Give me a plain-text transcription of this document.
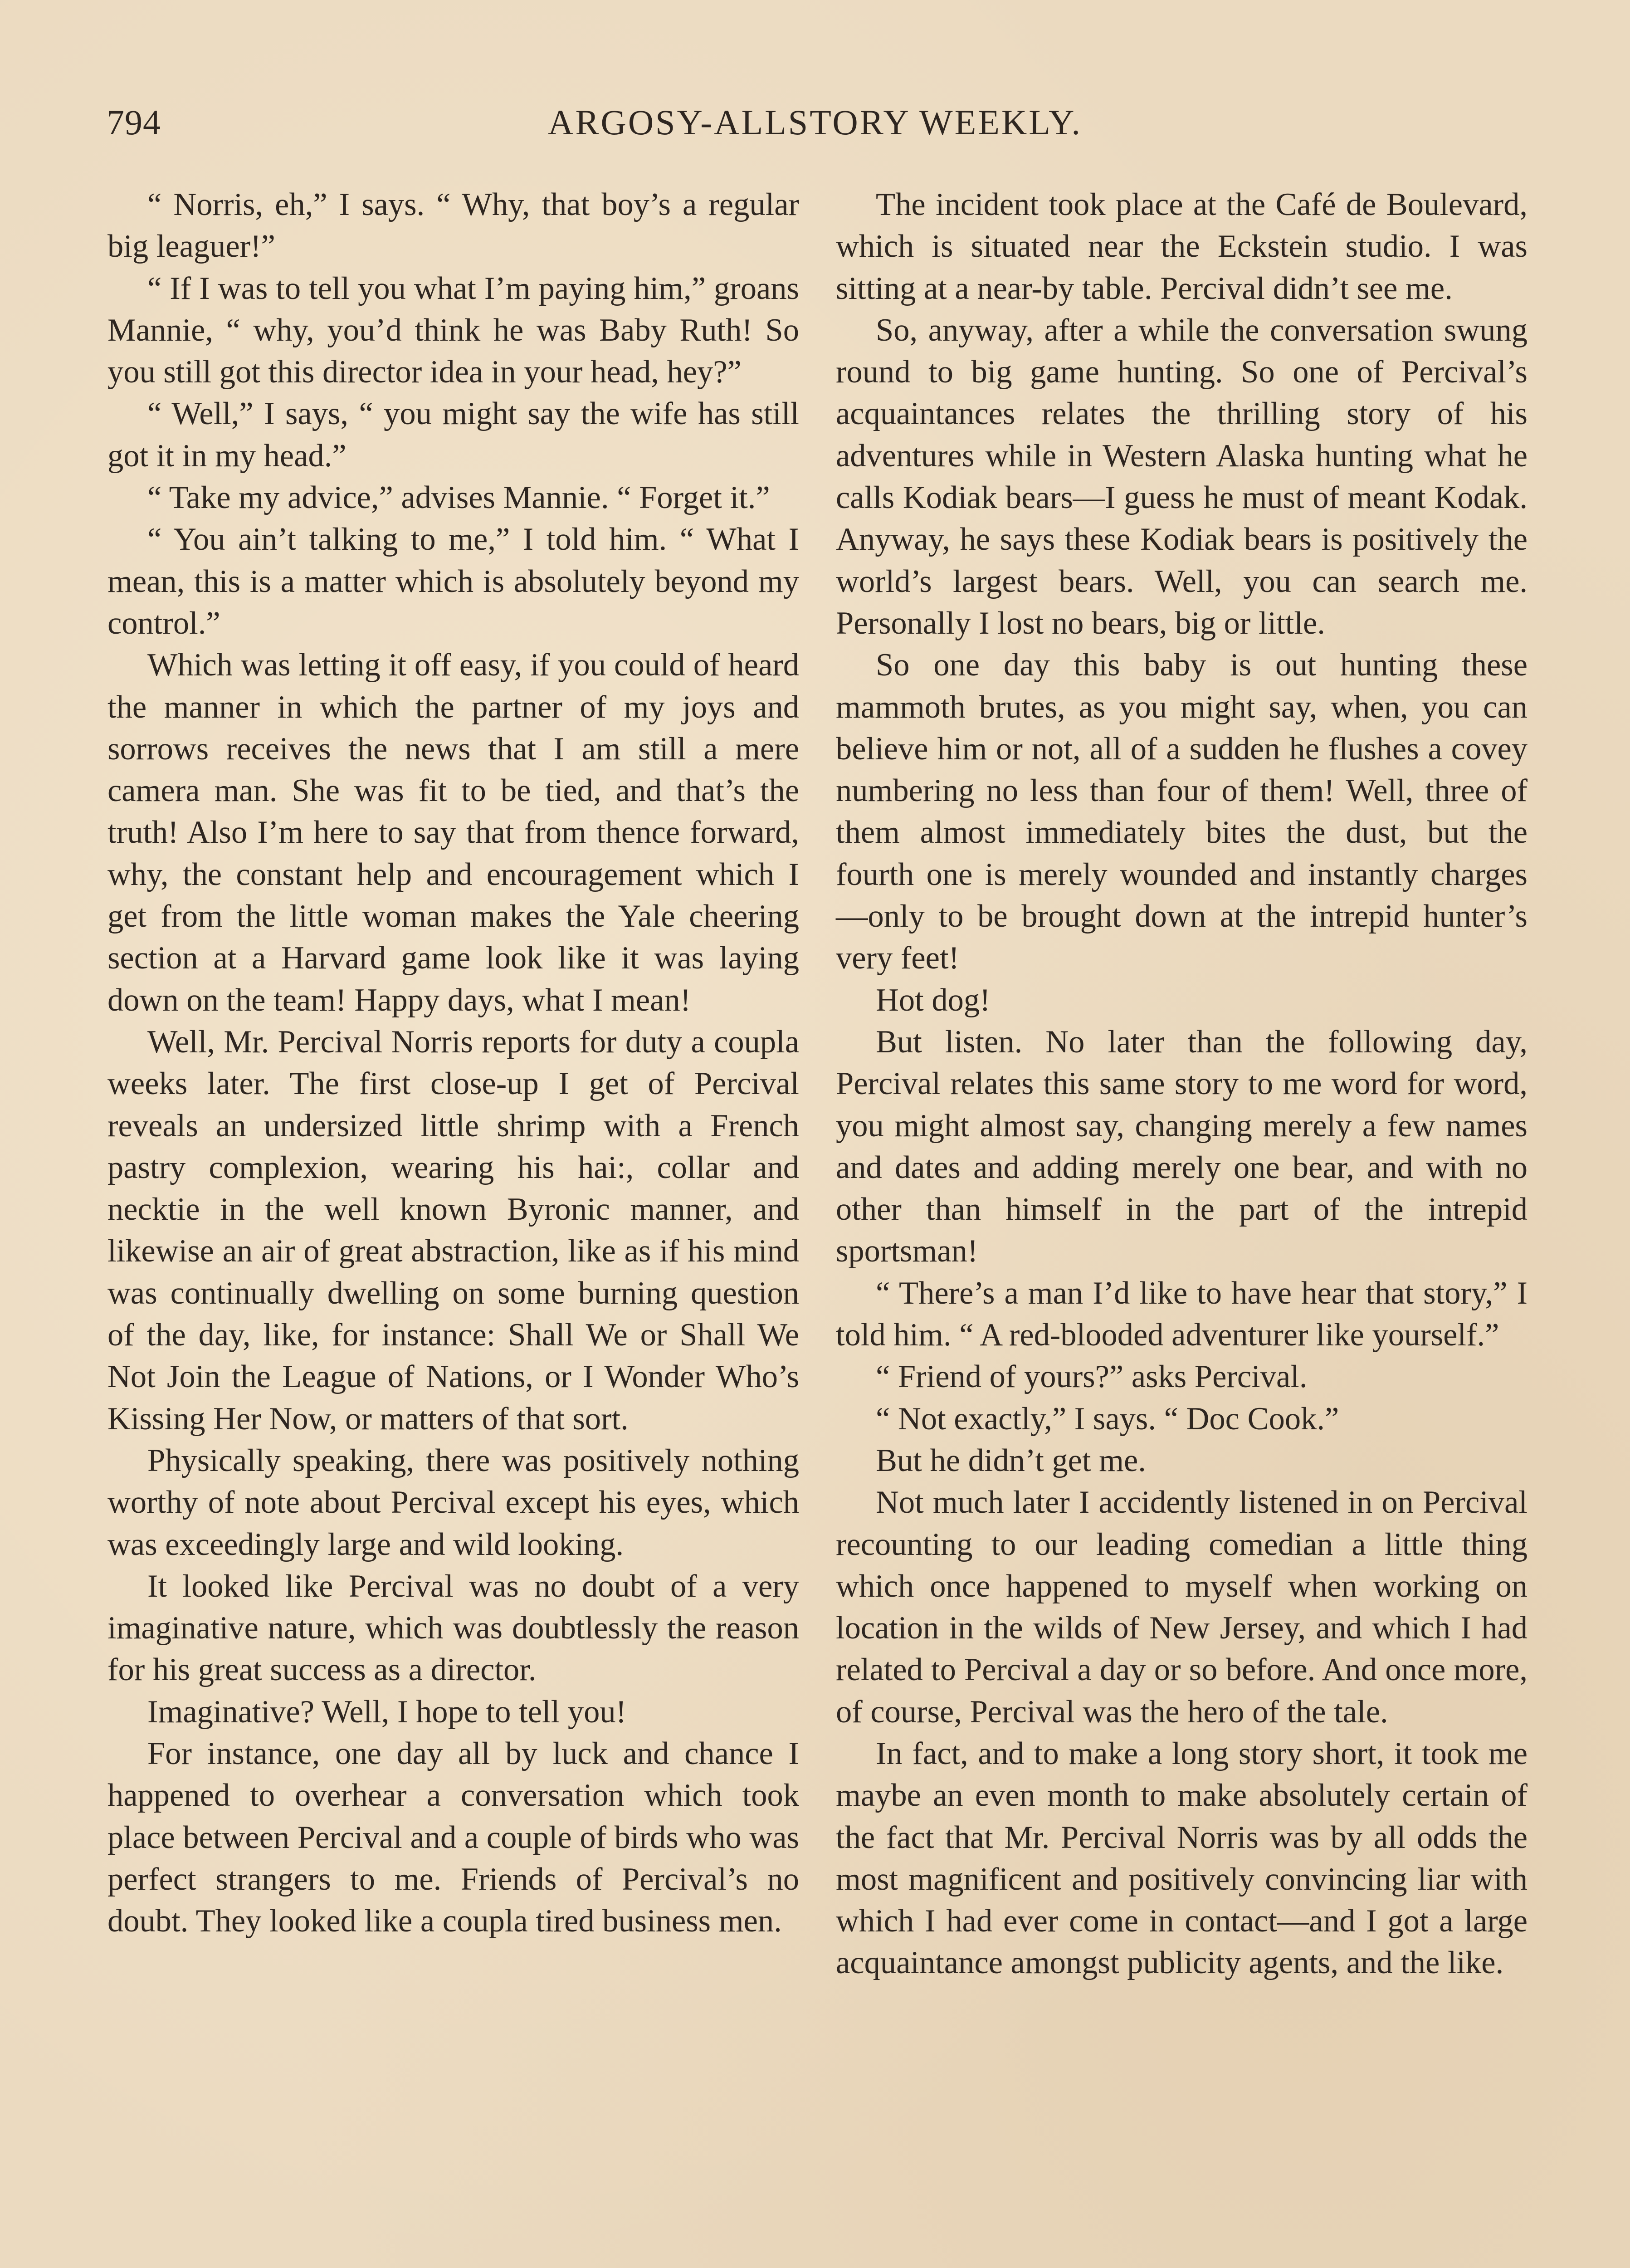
794	ARGOSY-ALLSTORY WEEKLY.

“ Norris, eh,” I says. “ Why, that boy’s a regular big leaguer!”

“ If I was to tell you what I’m paying him,” groans Mannie, “ why, you’d think he was Baby Ruth! So you still got this director idea in your head, hey?”

“ Well,” I says, “ you might say the wife has still got it in my head.”

“ Take my advice,” advises Mannie. “ Forget it.”

“ You ain’t talking to me,” I told him. “ What I mean, this is a matter which is absolutely beyond my control.”

Which was letting it off easy, if you could of heard the manner in which the partner of my joys and sorrows receives the news that I am still a mere camera man. She was fit to be tied, and that’s the truth! Also I’m here to say that from thence forward, why, the constant help and encouragement which I get from the little woman makes the Yale cheering section at a Harvard game look like it was laying down on the team! Happy days, what I mean!

Well, Mr. Percival Norris reports for duty a coupla weeks later. The first close-up I get of Percival reveals an undersized little shrimp with a French pastry complexion, wearing his hai:, collar and necktie in the well known Byronic manner, and likewise an air of great abstraction, like as if his mind was continually dwelling on some burning question of the day, like, for instance: Shall We or Shall We Not Join the League of Nations, or I Wonder Who’s Kissing Her Now, or matters of that sort.

Physically speaking, there was positively nothing worthy of note about Percival except his eyes, which was exceedingly large and wild looking.

It looked like Percival was no doubt of a very imaginative nature, which was doubtlessly the reason for his great success as a director.

Imaginative? Well, I hope to tell you!

For instance, one day all by luck and chance I happened to overhear a conversation which took place between Percival and a couple of birds who was perfect strangers to me. Friends of Percival’s no doubt. They looked like a coupla tired business men.

The incident took place at the Café de Boulevard, which is situated near the Eckstein studio. I was sitting at a near-by table. Percival didn’t see me.

So, anyway, after a while the conversation swung round to big game hunting. So one of Percival’s acquaintances relates the thrilling story of his adventures while in Western Alaska hunting what he calls Kodiak bears—I guess he must of meant Kodak. Anyway, he says these Kodiak bears is positively the world’s largest bears. Well, you can search me. Personally I lost no bears, big or little.

So one day this baby is out hunting these mammoth brutes, as you might say, when, you can believe him or not, all of a sudden he flushes a covey numbering no less than four of them! Well, three of them almost immediately bites the dust, but the fourth one is merely wounded and instantly charges—only to be brought down at the intrepid hunter’s very feet!

Hot dog!

But listen. No later than the following day, Percival relates this same story to me word for word, you might almost say, changing merely a few names and dates and adding merely one bear, and with no other than himself in the part of the intrepid sportsman!

“ There’s a man I’d like to have hear that story,” I told him. “ A red-blooded adventurer like yourself.”

“ Friend of yours?” asks Percival.

“ Not exactly,” I says. “ Doc Cook.”

But he didn’t get me.

Not much later I accidently listened in on Percival recounting to our leading comedian a little thing which once happened to myself when working on location in the wilds of New Jersey, and which I had related to Percival a day or so before. And once more, of course, Percival was the hero of the tale.

In fact, and to make a long story short, it took me maybe an even month to make absolutely certain of the fact that Mr. Percival Norris was by all odds the most magnificent and positively convincing liar with which I had ever come in contact—and I got a large acquaintance amongst publicity agents, and the like.
